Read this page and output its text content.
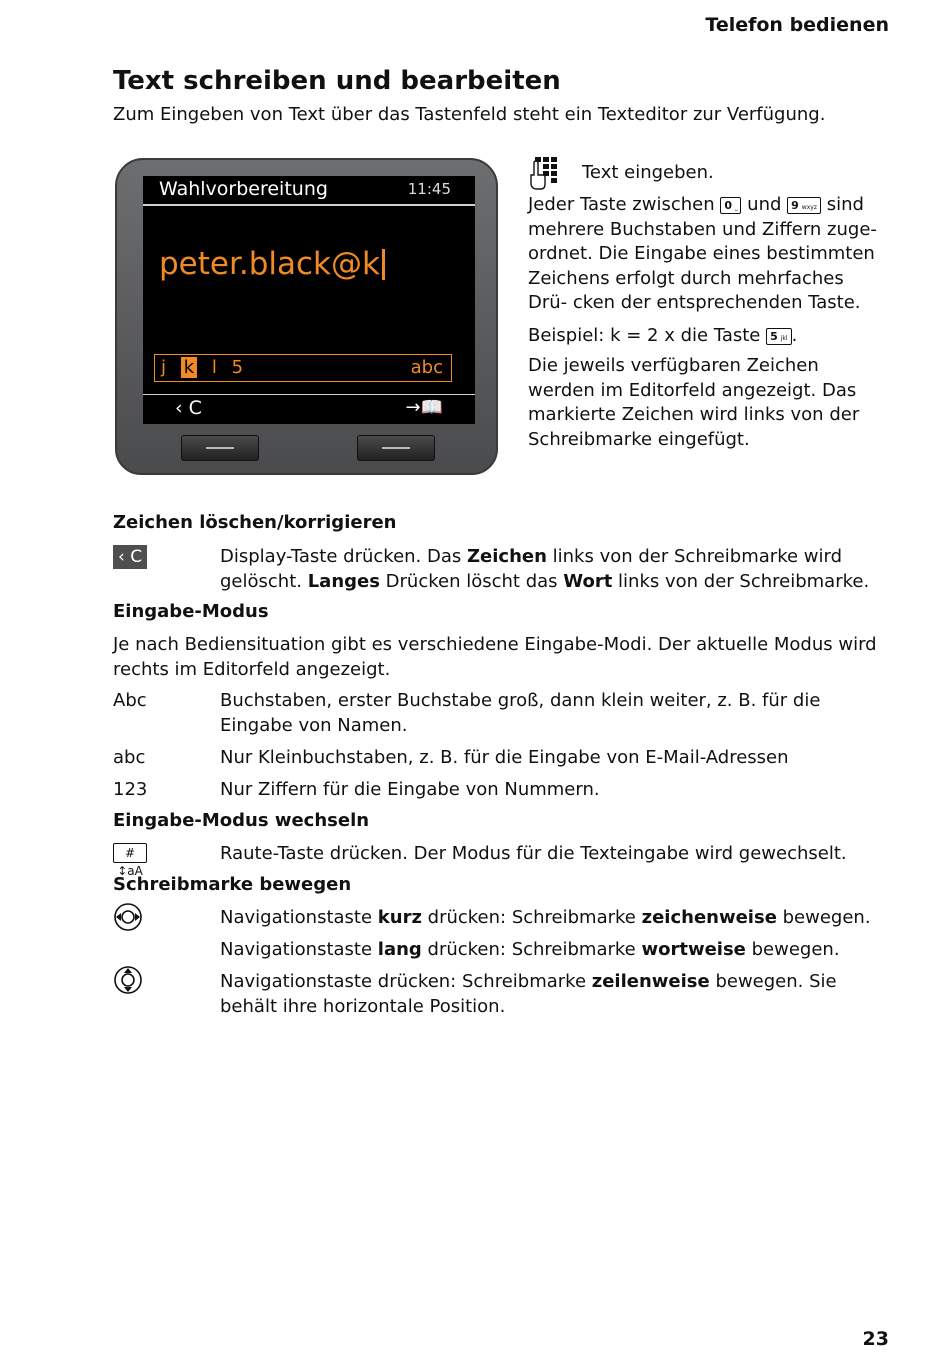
Telefon bedienen
Text schreiben und bearbeiten
Zum Eingeben von Text über das Tastenfeld steht ein Texteditor zur Verfügung.
Wahlvorbereitung	11:45
peter.black@k
j k l 5	abc
‹ C	→📖
Text eingeben.
Jeder Taste zwischen 0 ⎵ und 9 wxyz sind mehrere Buchstaben und Ziffern zuge- ordnet. Die Eingabe eines bestimmten Zeichens erfolgt durch mehrfaches Drü- cken der entsprechenden Taste.
Beispiel: k = 2 x die Taste 5 jkl .
Die jeweils verfügbaren Zeichen werden im Editorfeld angezeigt. Das markierte Zeichen wird links von der Schreibmarke eingefügt.
Zeichen löschen/korrigieren
‹ C	Display-Taste drücken. Das Zeichen links von der Schreibmarke wird gelöscht. Langes Drücken löscht das Wort links von der Schreibmarke.
Eingabe-Modus
Je nach Bediensituation gibt es verschiedene Eingabe-Modi. Der aktuelle Modus wird rechts im Editorfeld angezeigt.
Abc	Buchstaben, erster Buchstabe groß, dann klein weiter, z. B. für die Eingabe von Namen.
abc	Nur Kleinbuchstaben, z. B. für die Eingabe von E-Mail-Adressen
123	Nur Ziffern für die Eingabe von Nummern.
Eingabe-Modus wechseln
# ↕aA
Raute-Taste drücken. Der Modus für die Texteingabe wird gewechselt.
Schreibmarke bewegen
Navigationstaste kurz drücken: Schreibmarke zeichenweise bewegen.
Navigationstaste lang drücken: Schreibmarke wortweise bewegen.
Navigationstaste drücken: Schreibmarke zeilenweise bewegen. Sie behält ihre horizontale Position.
23
